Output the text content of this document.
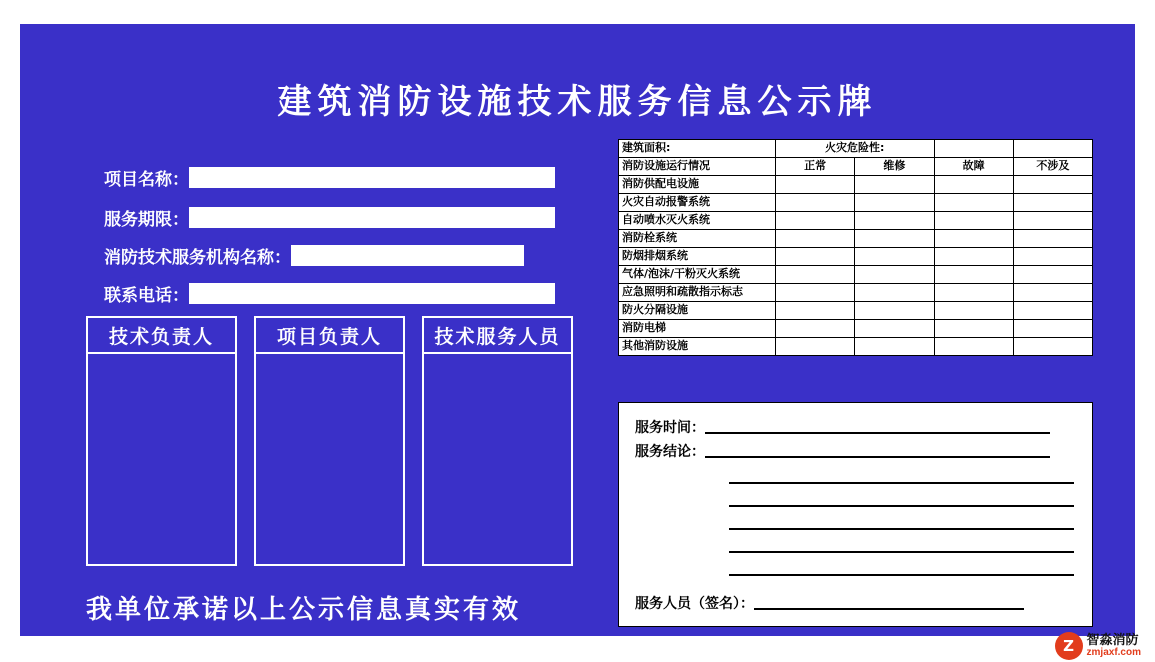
建筑消防设施技术服务信息公示牌
项目名称：
服务期限：
消防技术服务机构名称：
联系电话：
技术负责人	项目负责人	技术服务人员
我单位承诺以上公示信息真实有效
建筑面积:	火灾危险性:			
消防设施运行情况	正常	维修	故障	不涉及
消防供配电设施				
火灾自动报警系统				
自动喷水灭火系统				
消防栓系统				
防烟排烟系统				
气体/泡沫/干粉灭火系统				
应急照明和疏散指示标志				
防火分隔设施				
消防电梯				
其他消防设施				
服务时间：
服务结论：
服务人员（签名）：
Z 智淼消防
zmjaxf.com
